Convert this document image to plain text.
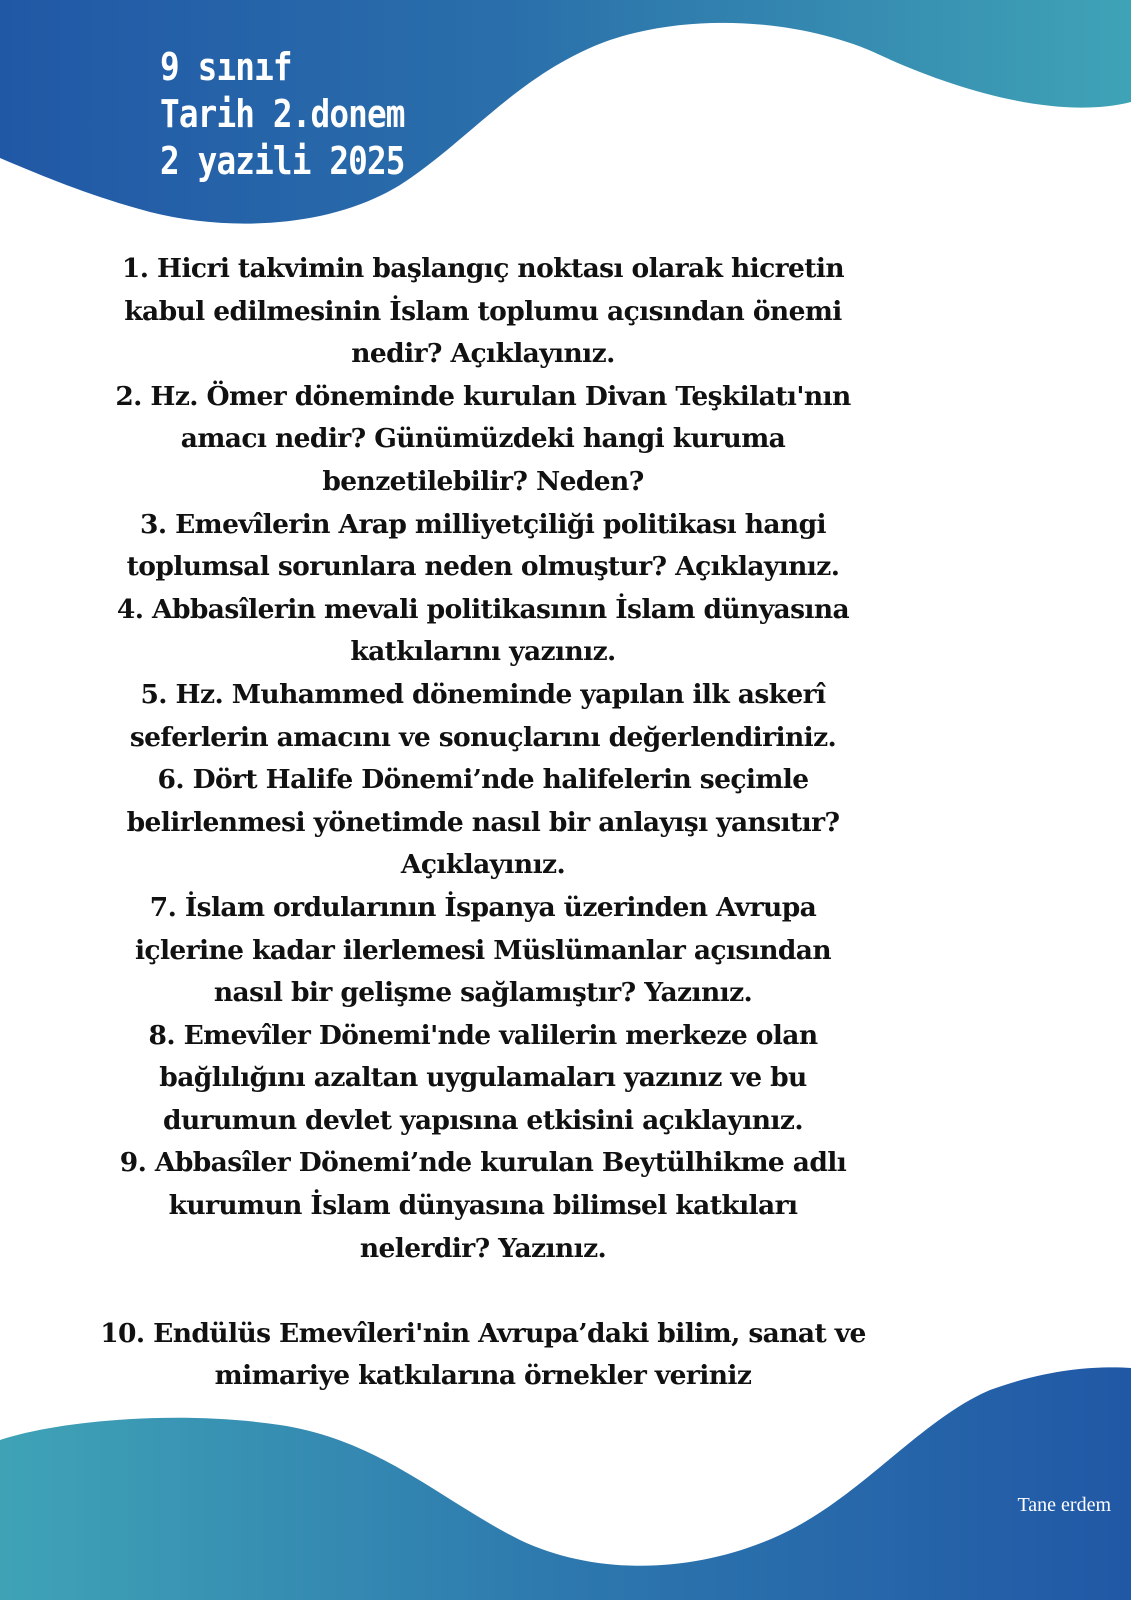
9 sınıf
Tarih 2.donem
2 yazili 2025

1. Hicri takvimin başlangıç noktası olarak hicretin kabul edilmesinin İslam toplumu açısından önemi nedir? Açıklayınız.

2. Hz. Ömer döneminde kurulan Divan Teşkilatı'nın amacı nedir? Günümüzdeki hangi kuruma benzetilebilir? Neden?

3. Emevîlerin Arap milliyetçiliği politikası hangi toplumsal sorunlara neden olmuştur? Açıklayınız.

4. Abbasîlerin mevali politikasının İslam dünyasına katkılarını yazınız.

5. Hz. Muhammed döneminde yapılan ilk askerî seferlerin amacını ve sonuçlarını değerlendiriniz.

6. Dört Halife Dönemi’nde halifelerin seçimle belirlenmesi yönetimde nasıl bir anlayışı yansıtır? Açıklayınız.

7. İslam ordularının İspanya üzerinden Avrupa içlerine kadar ilerlemesi Müslümanlar açısından nasıl bir gelişme sağlamıştır? Yazınız.

8. Emevîler Dönemi'nde valilerin merkeze olan bağlılığını azaltan uygulamaları yazınız ve bu durumun devlet yapısına etkisini açıklayınız.

9. Abbasîler Dönemi’nde kurulan Beytülhikme adlı kurumun İslam dünyasına bilimsel katkıları nelerdir? Yazınız.

10. Endülüs Emevîleri'nin Avrupa’daki bilim, sanat ve mimariye katkılarına örnekler veriniz

Tane erdem
